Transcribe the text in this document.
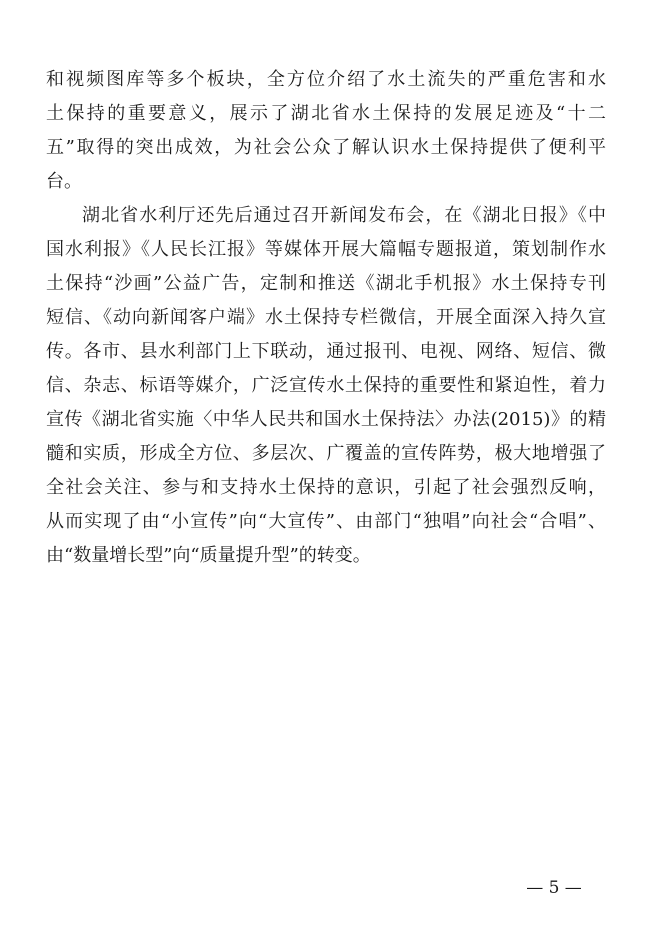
和视频图库等多个板块，全方位介绍了水土流失的严重危害和水
土保持的重要意义，展示了湖北省水土保持的发展足迹及“十二
五”取得的突出成效，为社会公众了解认识水土保持提供了便利平
台。
湖北省水利厅还先后通过召开新闻发布会，在《湖北日报》《中
国水利报》《人民长江报》等媒体开展大篇幅专题报道，策划制作水
土保持“沙画”公益广告，定制和推送《湖北手机报》水土保持专刊
短信、《动向新闻客户端》水土保持专栏微信，开展全面深入持久宣
传。各市、县水利部门上下联动，通过报刊、电视、网络、短信、微
信、杂志、标语等媒介，广泛宣传水土保持的重要性和紧迫性，着力
宣传《湖北省实施〈中华人民共和国水土保持法〉办法(2015)》的精
髓和实质，形成全方位、多层次、广覆盖的宣传阵势，极大地增强了
全社会关注、参与和支持水土保持的意识，引起了社会强烈反响，
从而实现了由“小宣传”向“大宣传”、由部门“独唱”向社会“合唱”、
由“数量增长型”向“质量提升型”的转变。
— 5 —
